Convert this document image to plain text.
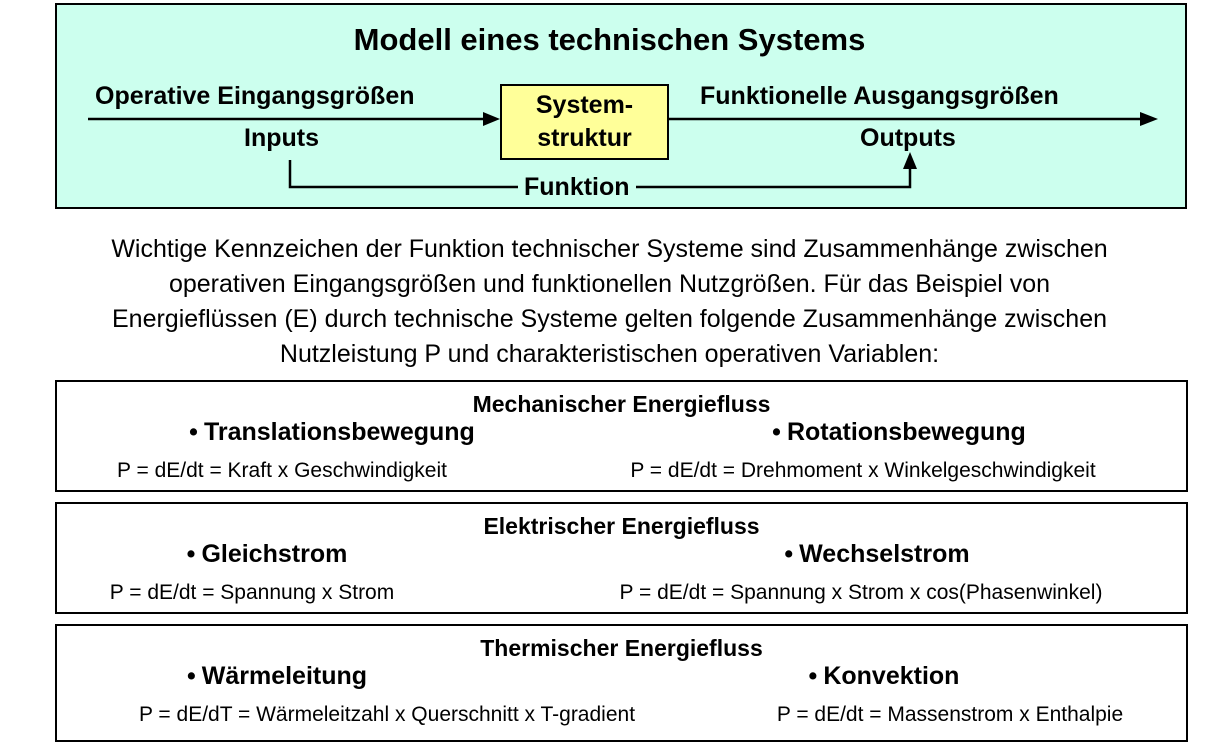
Modell eines technischen Systems
Operative Eingangsgrößen
Inputs
Funktionelle Ausgangsgrößen
Outputs
Funktion
System-
struktur
Wichtige Kennzeichen der Funktion technischer Systeme sind Zusammenhänge zwischen
operativen Eingangsgrößen und funktionellen Nutzgrößen. Für das Beispiel von
Energieflüssen (E) durch technische Systeme gelten folgende Zusammenhänge zwischen
Nutzleistung P und charakteristischen operativen Variablen:
Mechanischer Energiefluss
• Translationsbewegung
P = dE/dt = Kraft x Geschwindigkeit
• Rotationsbewegung
P = dE/dt = Drehmoment x Winkelgeschwindigkeit
Elektrischer Energiefluss
• Gleichstrom
P = dE/dt = Spannung x Strom
• Wechselstrom
P = dE/dt = Spannung x Strom x cos(Phasenwinkel)
Thermischer Energiefluss
• Wärmeleitung
P = dE/dT = Wärmeleitzahl x Querschnitt x T-gradient
• Konvektion
P = dE/dt = Massenstrom x Enthalpie
